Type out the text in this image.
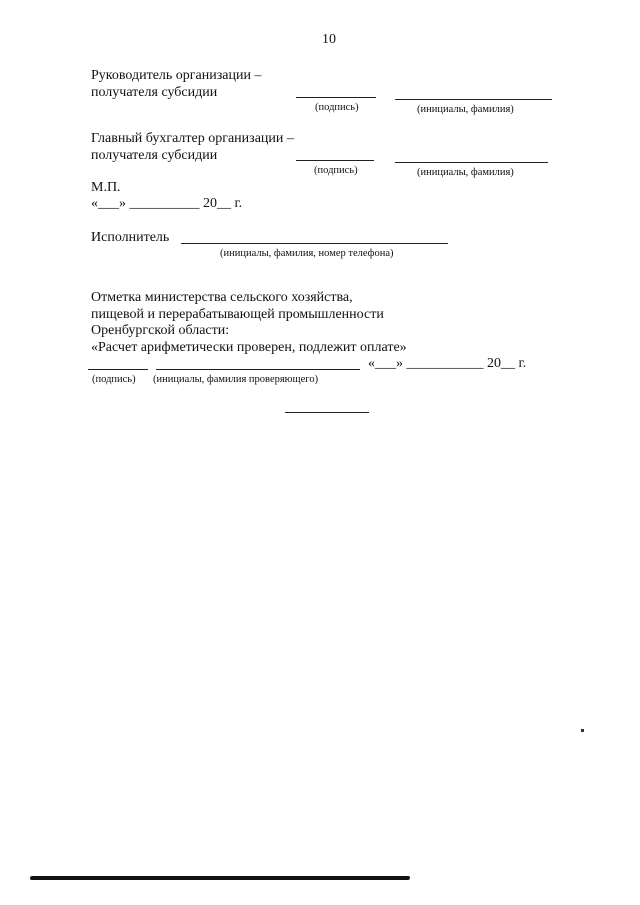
10
Руководитель организации –
получателя субсидии
(подпись)	(инициалы, фамилия)
Главный бухгалтер организации –
получателя субсидии
(подпись)	(инициалы, фамилия)
М.П.
«___» __________ 20__ г.
Исполнитель
(инициалы, фамилия, номер телефона)
Отметка министерства сельского хозяйства,
пищевой и перерабатывающей промышленности
Оренбургской области:
«Расчет арифметически проверен, подлежит оплате»
«___» ___________ 20__ г.
(подпись) (инициалы, фамилия проверяющего)
